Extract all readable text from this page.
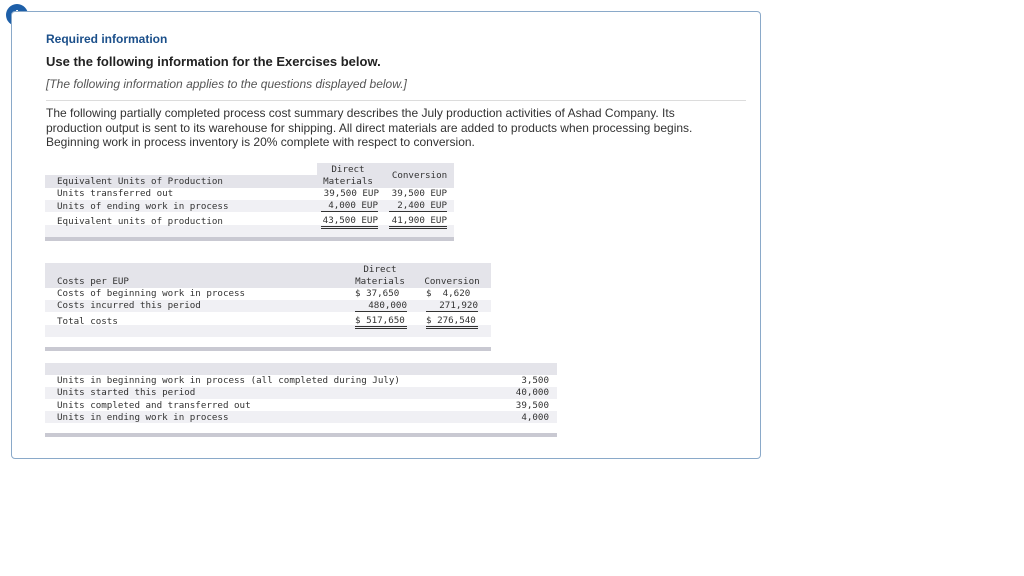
Required information
Use the following information for the Exercises below.
[The following information applies to the questions displayed below.]
The following partially completed process cost summary describes the July production activities of Ashad Company. Its production output is sent to its warehouse for shipping. All direct materials are added to products when processing begins. Beginning work in process inventory is 20% complete with respect to conversion.
Direct
Materials
Conversion
Equivalent Units of Production
Units transferred out	39,500 EUP	39,500 EUP
Units of ending work in process	4,000 EUP	2,400 EUP
Equivalent units of production	43,500 EUP 41,900 EUP
Direct
Materials	Conversion
Costs per EUP
Costs of beginning work in process	$ 37,650	$  4,620
Costs incurred this period	480,000	271,920
Total costs	$ 517,650 $ 276,540
Units in beginning work in process (all completed during July)	3,500
Units started this period	40,000
Units completed and transferred out	39,500
Units in ending work in process	4,000
